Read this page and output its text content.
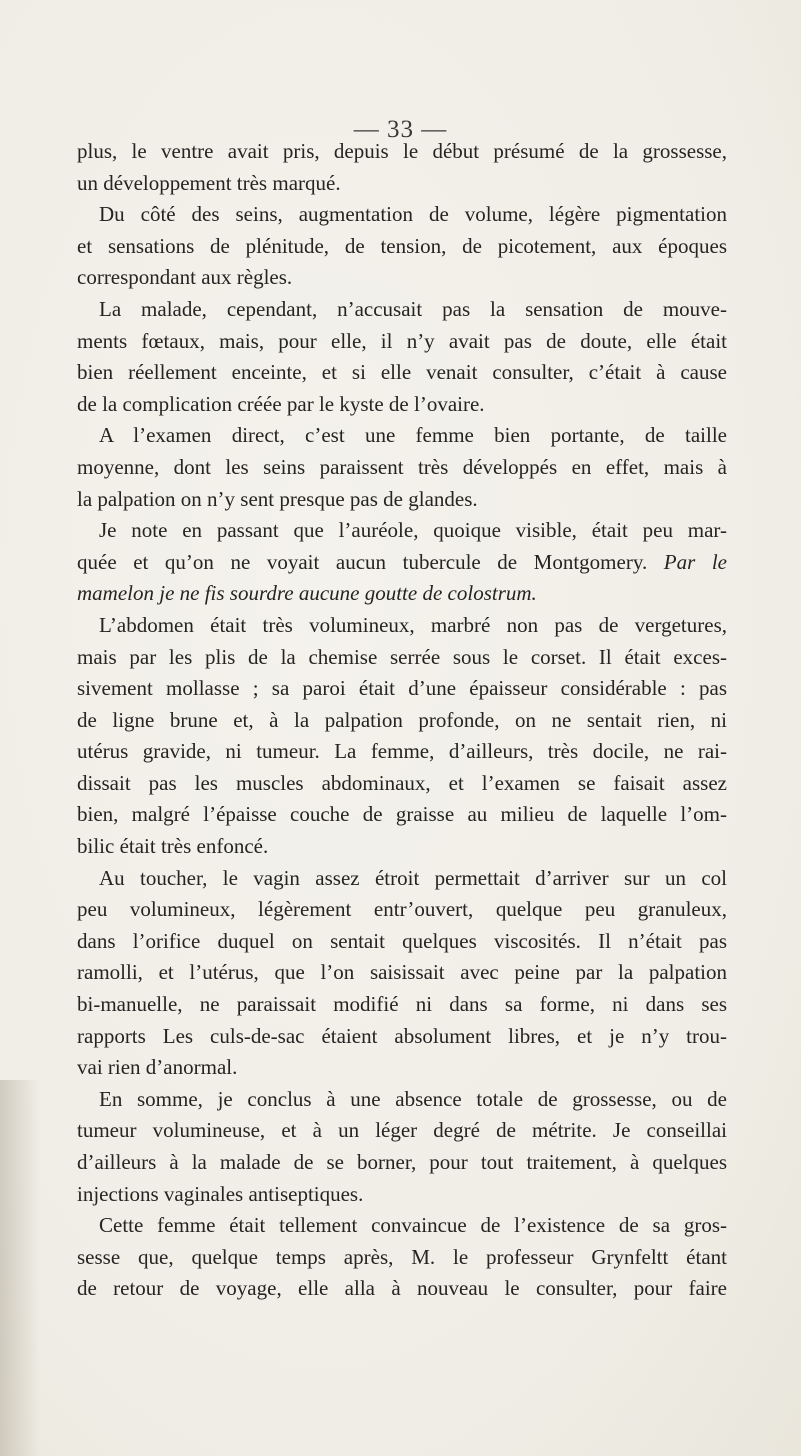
— 33 —
plus, le ventre avait pris, depuis le début présumé de la grossesse,
un développement très marqué.
Du côté des seins, augmentation de volume, légère pigmentation
et sensations de plénitude, de tension, de picotement, aux époques
correspondant aux règles.
La malade, cependant, n’accusait pas la sensation de mouve-
ments fœtaux, mais, pour elle, il n’y avait pas de doute, elle était
bien réellement enceinte, et si elle venait consulter, c’était à cause
de la complication créée par le kyste de l’ovaire.
A l’examen direct, c’est une femme bien portante, de taille
moyenne, dont les seins paraissent très développés en effet, mais à
la palpation on n’y sent presque pas de glandes.
Je note en passant que l’auréole, quoique visible, était peu mar-
quée et qu’on ne voyait aucun tubercule de Montgomery. Par le
mamelon je ne fis sourdre aucune goutte de colostrum.
L’abdomen était très volumineux, marbré non pas de vergetures,
mais par les plis de la chemise serrée sous le corset. Il était exces-
sivement mollasse ; sa paroi était d’une épaisseur considérable : pas
de ligne brune et, à la palpation profonde, on ne sentait rien, ni
utérus gravide, ni tumeur. La femme, d’ailleurs, très docile, ne rai-
dissait pas les muscles abdominaux, et l’examen se faisait assez
bien, malgré l’épaisse couche de graisse au milieu de laquelle l’om-
bilic était très enfoncé.
Au toucher, le vagin assez étroit permettait d’arriver sur un col
peu volumineux, légèrement entr’ouvert, quelque peu granuleux,
dans l’orifice duquel on sentait quelques viscosités. Il n’était pas
ramolli, et l’utérus, que l’on saisissait avec peine par la palpation
bi-manuelle, ne paraissait modifié ni dans sa forme, ni dans ses
rapports Les culs-de-sac étaient absolument libres, et je n’y trou-
vai rien d’anormal.
En somme, je conclus à une absence totale de grossesse, ou de
tumeur volumineuse, et à un léger degré de métrite. Je conseillai
d’ailleurs à la malade de se borner, pour tout traitement, à quelques
injections vaginales antiseptiques.
Cette femme était tellement convaincue de l’existence de sa gros-
sesse que, quelque temps après, M. le professeur Grynfeltt étant
de retour de voyage, elle alla à nouveau le consulter, pour faire
